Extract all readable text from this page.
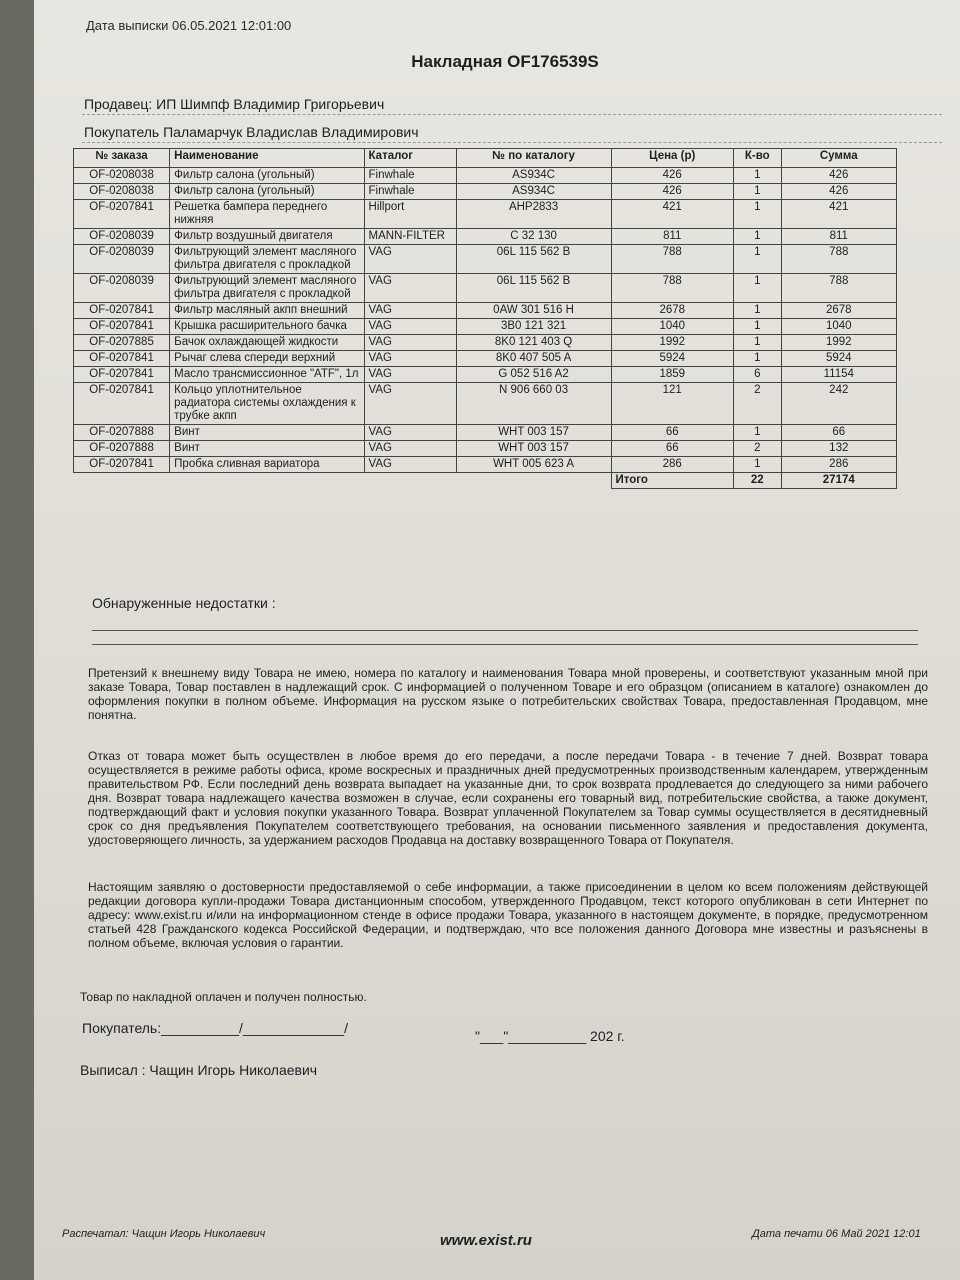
Дата выписки 06.05.2021 12:01:00
Накладная OF176539S
Продавец: ИП Шимпф Владимир Григорьевич
Покупатель Паламарчук Владислав Владимирович
№ заказа	Наименование	Каталог	№ по каталогу	Цена (р)	К-во	Сумма
OF-0208038	Фильтр салона (угольный)	Finwhale	AS934C	426	1	426
OF-0208038	Фильтр салона (угольный)	Finwhale	AS934C	426	1	426
OF-0207841	Решетка бампера переднего нижняя	Hillport	AHP2833	421	1	421
OF-0208039	Фильтр воздушный двигателя	MANN-FILTER	C 32 130	811	1	811
OF-0208039	Фильтрующий элемент масляного фильтра двигателя с прокладкой	VAG	06L 115 562 B	788	1	788
OF-0208039	Фильтрующий элемент масляного фильтра двигателя с прокладкой	VAG	06L 115 562 B	788	1	788
OF-0207841	Фильтр масляный акпп внешний	VAG	0AW 301 516 H	2678	1	2678
OF-0207841	Крышка расширительного бачка	VAG	3B0 121 321	1040	1	1040
OF-0207885	Бачок охлаждающей жидкости	VAG	8K0 121 403 Q	1992	1	1992
OF-0207841	Рычаг слева спереди верхний	VAG	8K0 407 505 A	5924	1	5924
OF-0207841	Масло трансмиссионное "ATF", 1л	VAG	G 052 516 A2	1859	6	11154
OF-0207841	Кольцо уплотнительное радиатора системы охлаждения к трубке акпп	VAG	N 906 660 03	121	2	242
OF-0207888	Винт	VAG	WHT 003 157	66	1	66
OF-0207888	Винт	VAG	WHT 003 157	66	2	132
OF-0207841	Пробка сливная вариатора	VAG	WHT 005 623 A	286	1	286
				Итого	22	27174
Обнаруженные недостатки :
Претензий к внешнему виду Товара не имею, номера по каталогу и наименования Товара мной проверены, и соответствуют указанным мной при заказе Товара, Товар поставлен в надлежащий срок. С информацией о полученном Товаре и его образцом (описанием в каталоге) ознакомлен до оформления покупки в полном объеме. Информация на русском языке о потребительских свойствах Товара, предоставленная Продавцом, мне понятна.
Отказ от товара может быть осуществлен в любое время до его передачи, а после передачи Товара - в течение 7 дней. Возврат товара осуществляется в режиме работы офиса, кроме воскресных и праздничных дней предусмотренных производственным календарем, утвержденным правительством РФ. Если последний день возврата выпадает на указанные дни, то срок возврата продлевается до следующего за ними рабочего дня. Возврат товара надлежащего качества возможен в случае, если сохранены его товарный вид, потребительские свойства, а также документ, подтверждающий факт и условия покупки указанного Товара. Возврат уплаченной Покупателем за Товар суммы осуществляется в десятидневный срок со дня предъявления Покупателем соответствующего требования, на основании письменного заявления и предоставления документа, удостоверяющего личность, за удержанием расходов Продавца на доставку возвращенного Товара от Покупателя.
Настоящим заявляю о достоверности предоставляемой о себе информации, а также присоединении в целом ко всем положениям действующей редакции договора купли-продажи Товара дистанционным способом, утвержденного Продавцом, текст которого опубликован в сети Интернет по адресу: www.exist.ru и/или на информационном стенде в офисе продажи Товара, указанного в настоящем документе, в порядке, предусмотренном статьей 428 Гражданского кодекса Российской Федерации, и подтверждаю, что все положения данного Договора мне известны и разъяснены в полном объеме, включая условия о гарантии.
Товар по накладной оплачен и получен полностью.
Покупатель:__________/_____________/	"___"__________ 202 г.
Выписал : Чащин Игорь Николаевич
Распечатал: Чащин Игорь Николаевич	www.exist.ru	Дата печати 06 Май 2021 12:01
